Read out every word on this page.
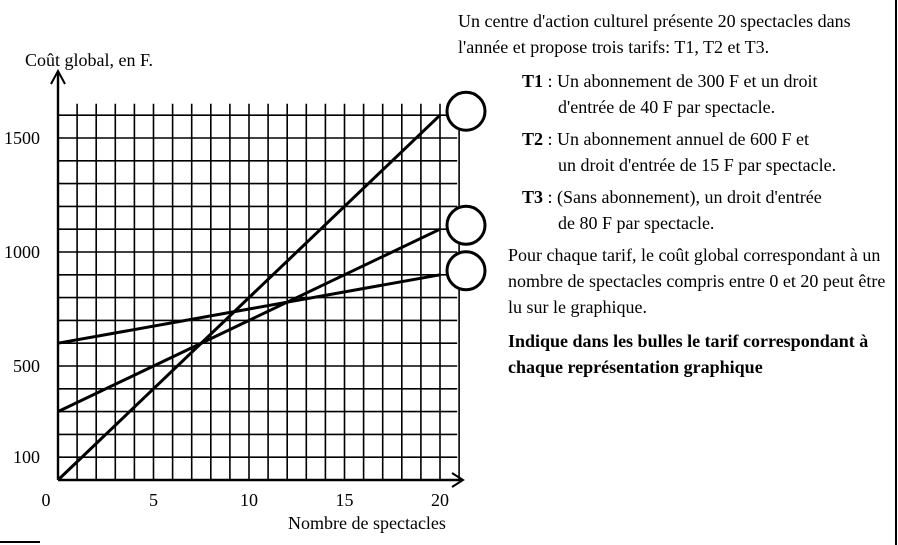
100
500
1000
1500
0	5	10	15	20
Coût global, en F.
Nombre de spectacles
Un centre d'action culturel présente 20 spectacles dans l'année et propose trois tarifs: T1, T2 et T3.
T1 : Un abonnement de 300 F et un droit
d'entrée de 40 F par spectacle.
T2 : Un abonnement annuel de 600 F et
un droit d'entrée de 15 F par spectacle.
T3 : (Sans abonnement), un droit d'entrée
de 80 F par spectacle.
Pour chaque tarif, le coût global correspondant à un nombre de spectacles compris entre 0 et 20 peut être lu sur le graphique.
Indique dans les bulles le tarif correspondant à chaque représentation graphique
